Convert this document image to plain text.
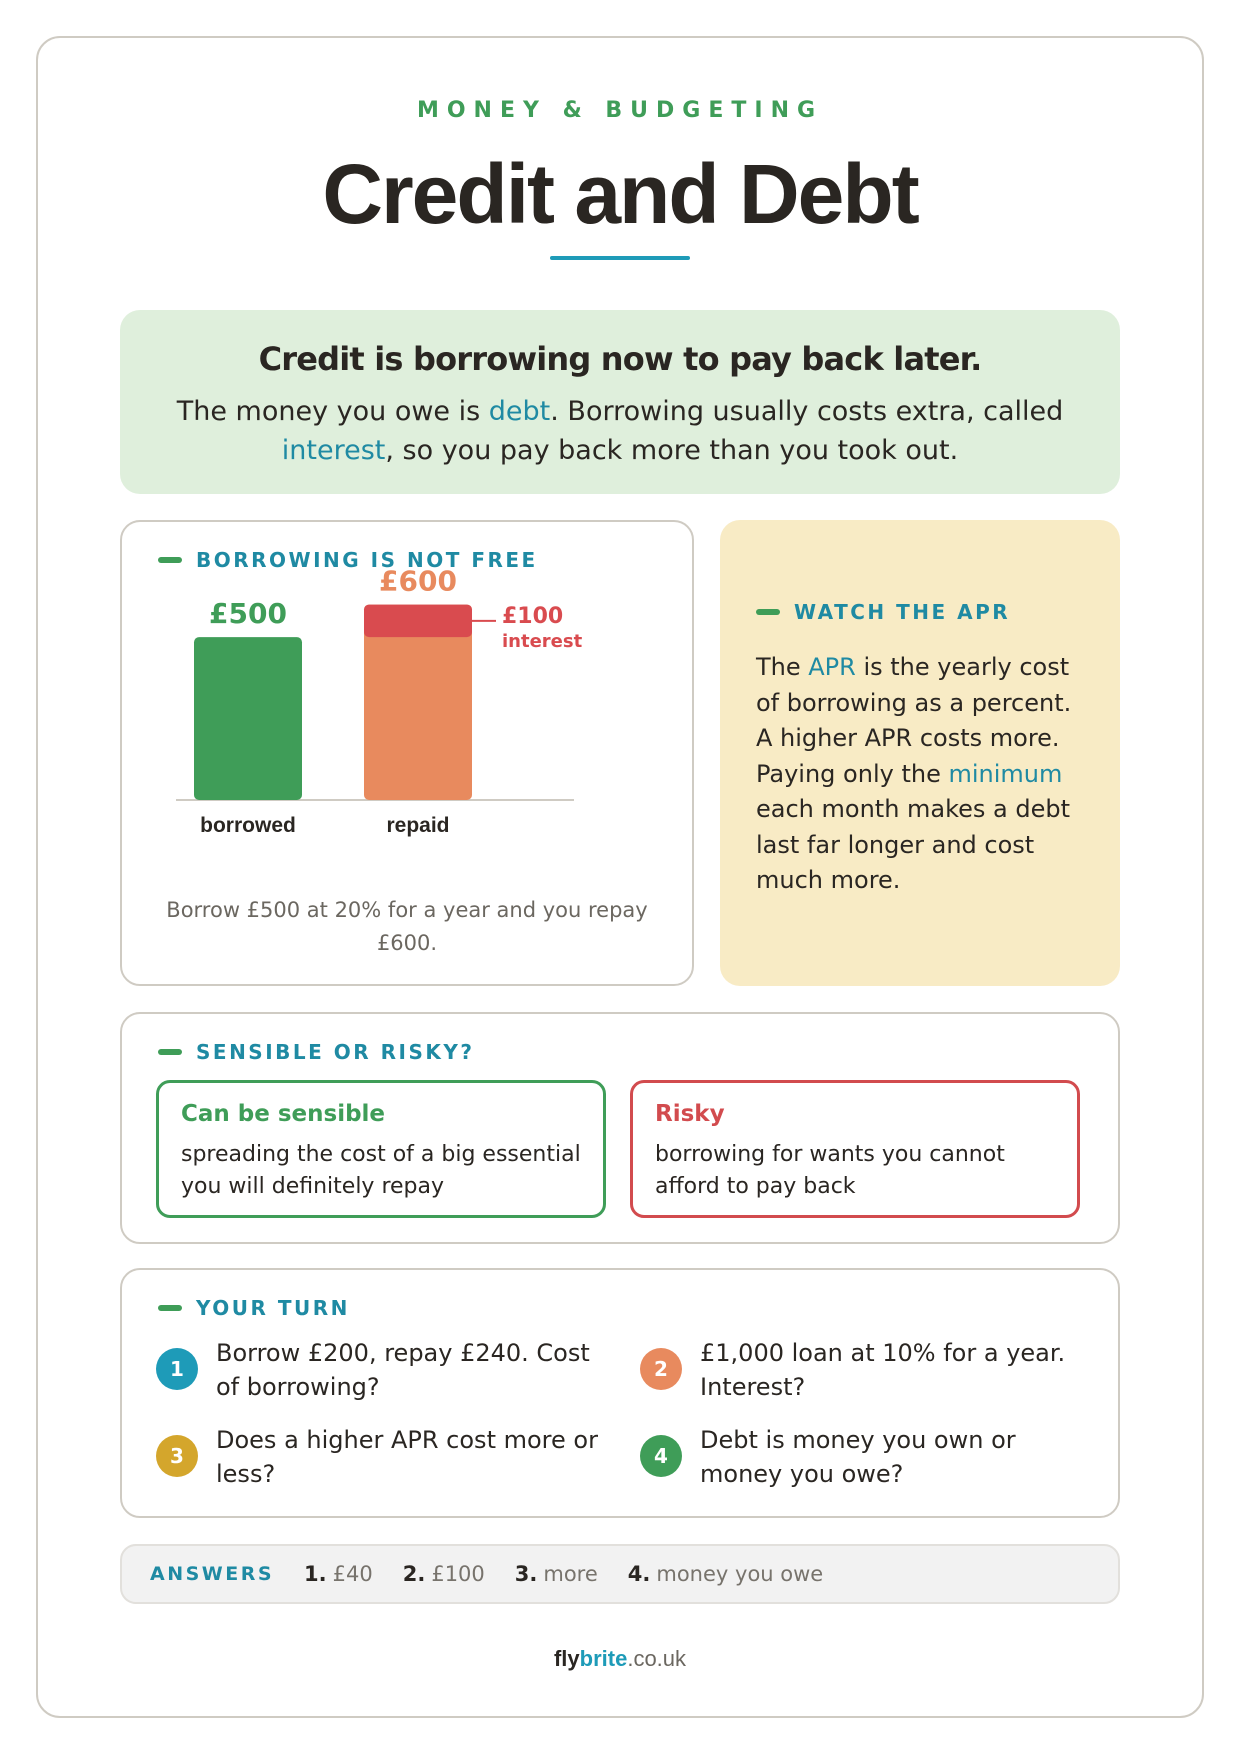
MONEY & BUDGETING
Credit and Debt
Credit is borrowing now to pay back later.
The money you owe is debt. Borrowing usually costs extra, called interest, so you pay back more than you took out.
BORROWING IS NOT FREE
£500
£600
£100
interest
borrowed	repaid
Borrow £500 at 20% for a year and you repay £600.
WATCH THE APR
The APR is the yearly cost of borrowing as a percent. A higher APR costs more. Paying only the minimum each month makes a debt last far longer and cost much more.
SENSIBLE OR RISKY?
Can be sensible
spreading the cost of a big essential you will definitely repay
Risky
borrowing for wants you cannot afford to pay back
YOUR TURN
1
Borrow £200, repay £240. Cost of borrowing?
2
£1,000 loan at 10% for a year. Interest?
3
Does a higher APR cost more or less?
4
Debt is money you own or money you owe?
ANSWERS 1. £40 2. £100 3. more 4. money you owe
flybrite.co.uk
